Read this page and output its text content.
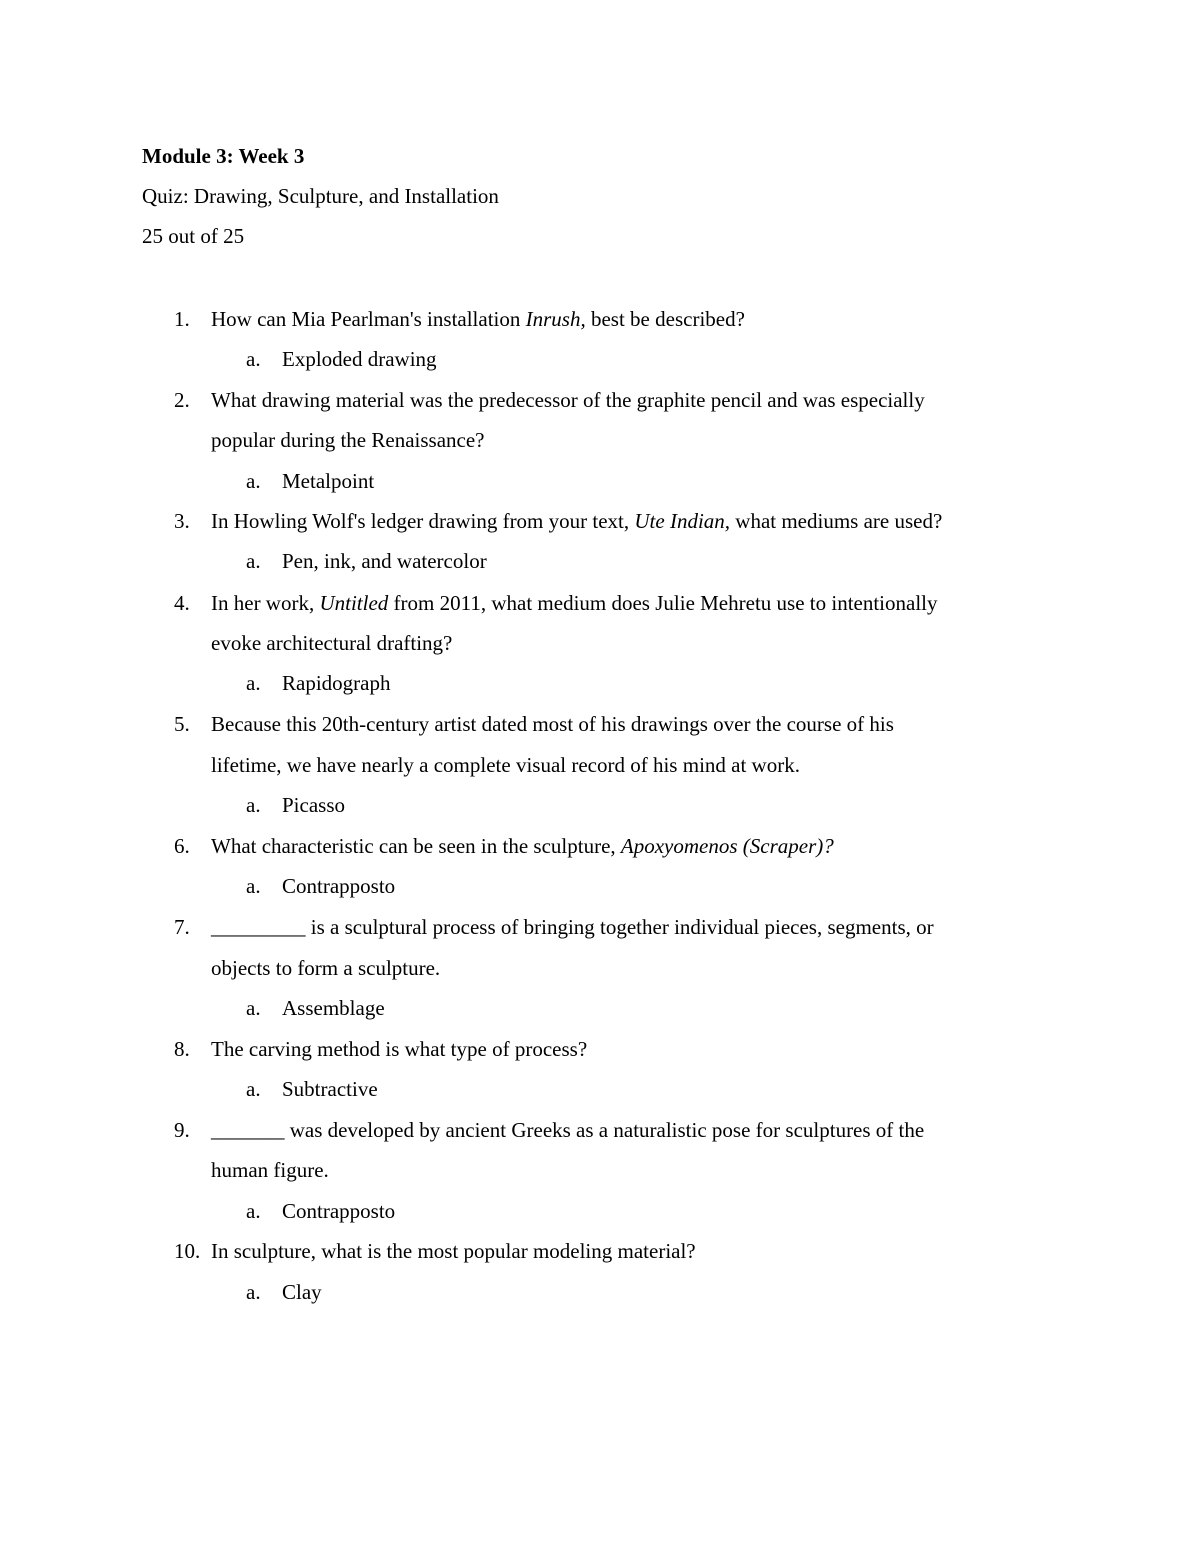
Module 3: Week 3
Quiz: Drawing, Sculpture, and Installation
25 out of 25
1. How can Mia Pearlman's installation Inrush, best be described?
a. Exploded drawing
2. What drawing material was the predecessor of the graphite pencil and was especially
popular during the Renaissance?
a. Metalpoint
3. In Howling Wolf's ledger drawing from your text, Ute Indian, what mediums are used?
a. Pen, ink, and watercolor
4. In her work, Untitled from 2011, what medium does Julie Mehretu use to intentionally
evoke architectural drafting?
a. Rapidograph
5. Because this 20th-century artist dated most of his drawings over the course of his
lifetime, we have nearly a complete visual record of his mind at work.
a. Picasso
6. What characteristic can be seen in the sculpture, Apoxyomenos (Scraper)?
a. Contrapposto
7. _________ is a sculptural process of bringing together individual pieces, segments, or
objects to form a sculpture.
a. Assemblage
8. The carving method is what type of process?
a. Subtractive
9. _______ was developed by ancient Greeks as a naturalistic pose for sculptures of the
human figure.
a. Contrapposto
10. In sculpture, what is the most popular modeling material?
a. Clay
